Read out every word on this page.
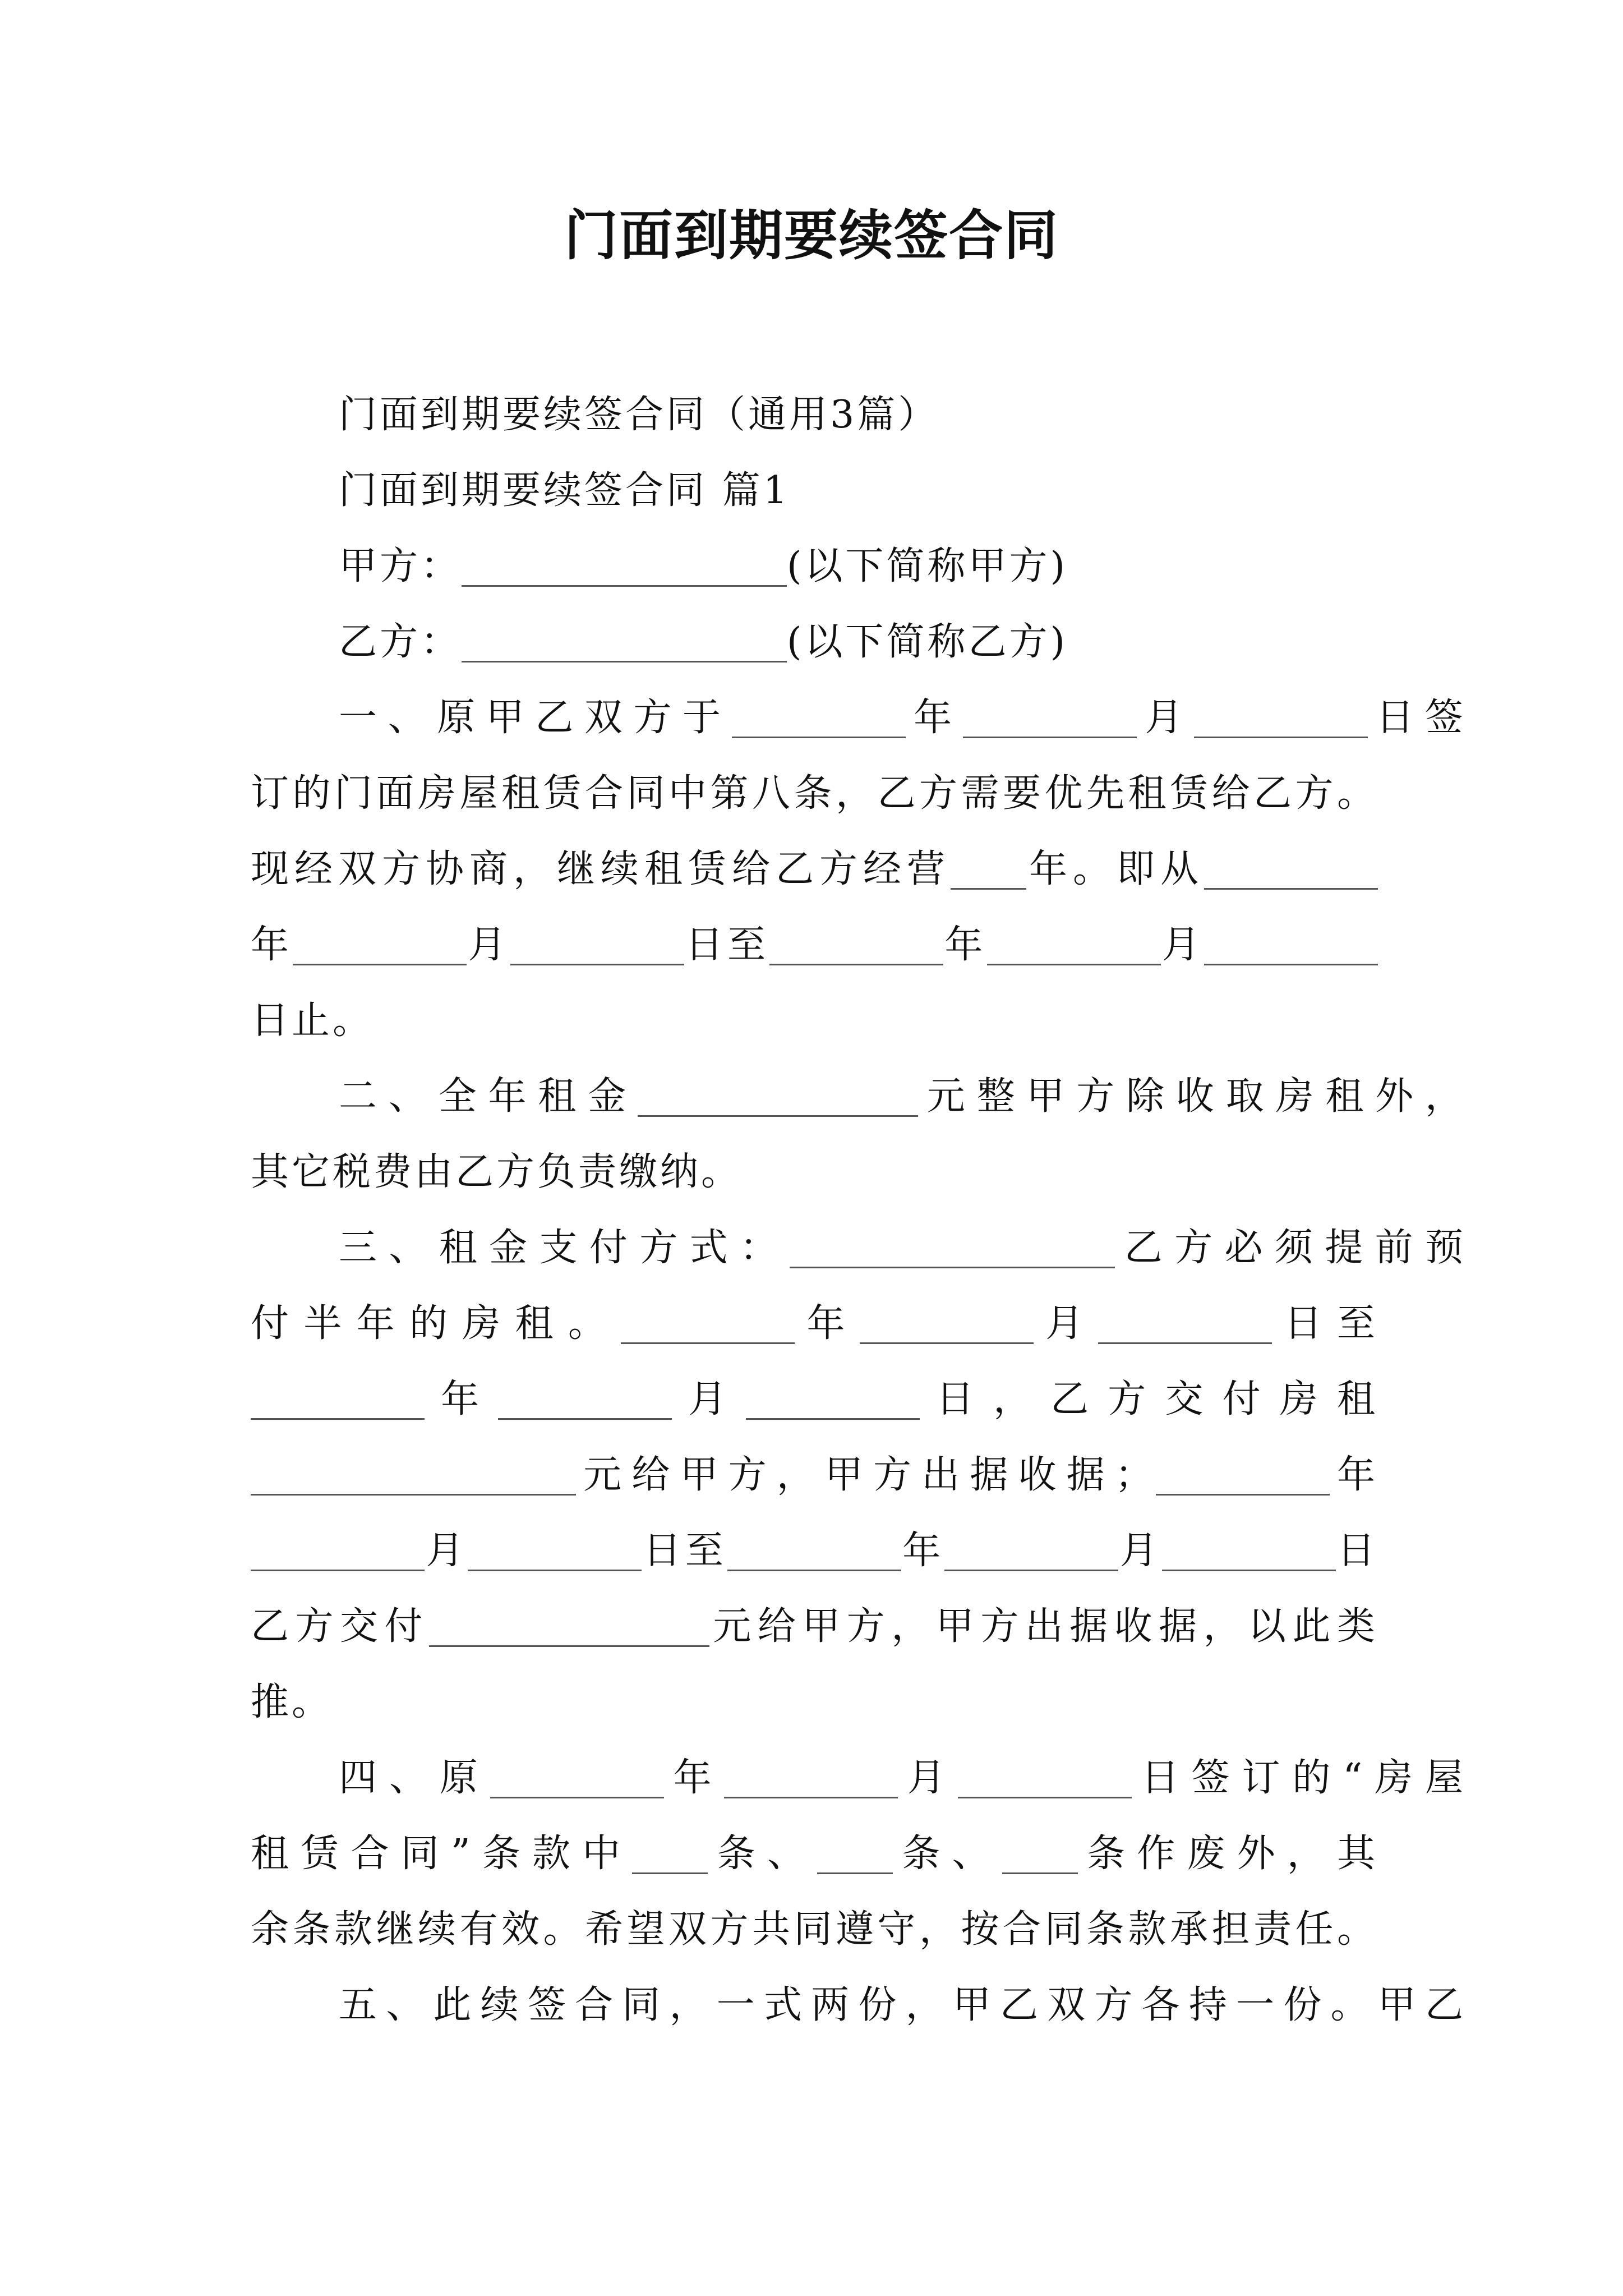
门面到期要续签合同
门面到期要续签合同（通用3篇）
门面到期要续签合同 篇1
甲方：	(以下简称甲方)
乙方：	(以下简称乙方)
一、原甲乙双方于	年	月	日签
订的门面房屋租赁合同中第八条，乙方需要优先租赁给乙方。
现经双方协商，继续租赁给乙方经营 年。即从
年	月	日至	年	月
日止。
二、全年租金	元整甲方除收取房租外，
其它税费由乙方负责缴纳。
三、租金支付方式：	乙方必须提前预
付半年的房租。	年	月	日至
年	月	日，乙方交付房租
元给甲方，甲方出据收据；	年
月	日至	年	月	日
乙方交付	元给甲方，甲方出据收据，以此类
推。
四、原	年	月	日签订的“房屋
租赁合同”条款中 条、 条、 条作废外，其
余条款继续有效。希望双方共同遵守，按合同条款承担责任。
五、此续签合同，一式两份，甲乙双方各持一份。甲乙
